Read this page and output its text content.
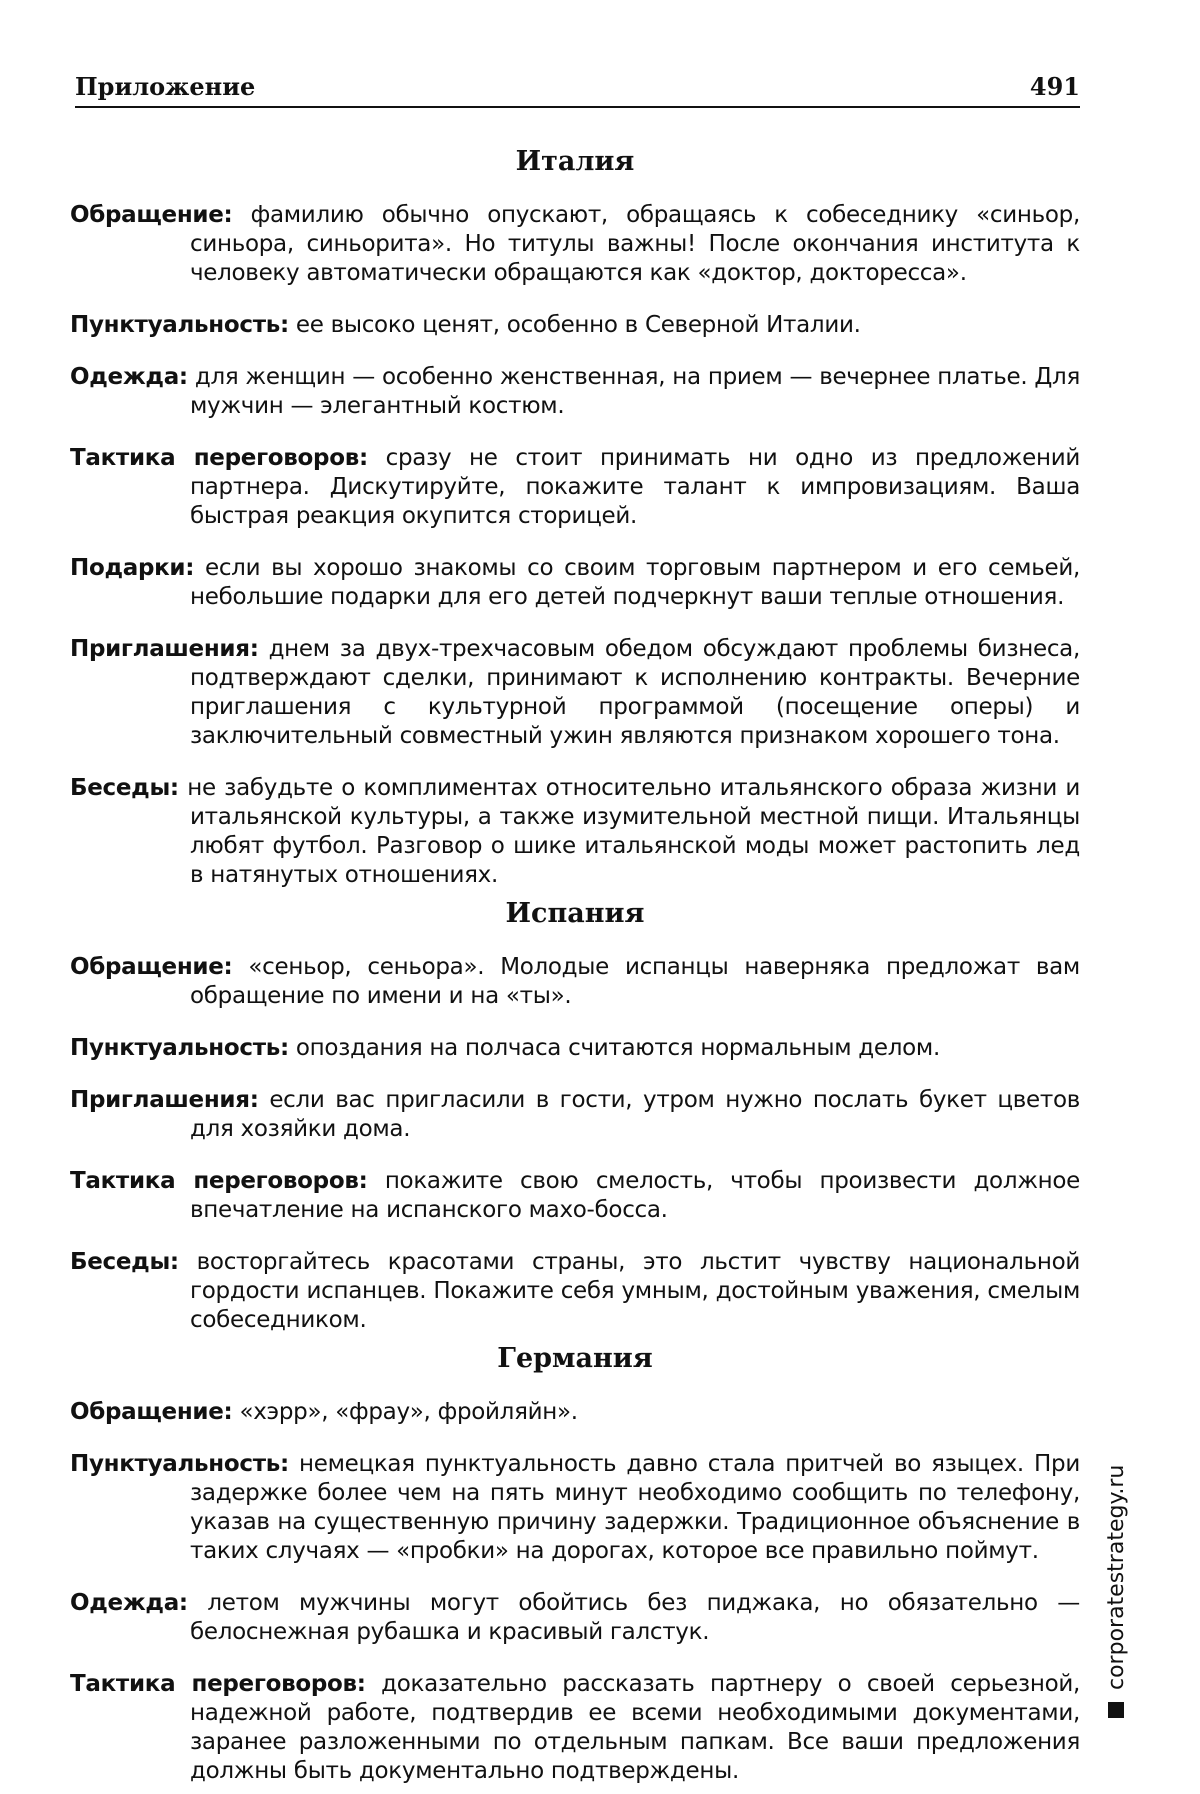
Приложение	491
Италия

Обращение: фамилию обычно опускают, обращаясь к собеседнику «синьор, синьора, синьорита». Но титулы важны! После окончания института к человеку автоматически обращаются как «доктор, докторесса».

Пунктуальность: ее высоко ценят, особенно в Северной Италии.

Одежда: для женщин — особенно женственная, на прием — вечернее платье. Для мужчин — элегантный костюм.

Тактика переговоров: сразу не стоит принимать ни одно из предложений партнера. Дискутируйте, покажите талант к импровизациям. Ваша быстрая реакция окупится сторицей.

Подарки: если вы хорошо знакомы со своим торговым партнером и его семьей, небольшие подарки для его детей подчеркнут ваши теплые отношения.

Приглашения: днем за двух-трехчасовым обедом обсуждают проблемы бизнеса, подтверждают сделки, принимают к исполнению контракты. Вечерние приглашения с культурной программой (посещение оперы) и заключительный совместный ужин являются признаком хорошего тона.

Беседы: не забудьте о комплиментах относительно итальянского образа жизни и итальянской культуры, а также изумительной местной пищи. Итальянцы любят футбол. Разговор о шике итальянской моды может растопить лед в натянутых отношениях.

Испания

Обращение: «сеньор, сеньора». Молодые испанцы наверняка предложат вам обращение по имени и на «ты».

Пунктуальность: опоздания на полчаса считаются нормальным делом.

Приглашения: если вас пригласили в гости, утром нужно послать букет цветов для хозяйки дома.

Тактика переговоров: покажите свою смелость, чтобы произвести должное впечатление на испанского махо-босса.

Беседы: восторгайтесь красотами страны, это льстит чувству национальной гордости испанцев. Покажите себя умным, достойным уважения, смелым собеседником.

Германия

Обращение: «хэрр», «фрау», фройляйн».

Пунктуальность: немецкая пунктуальность давно стала притчей во языцех. При задержке более чем на пять минут необходимо сообщить по телефону, указав на существенную причину задержки. Традиционное объяснение в таких случаях — «пробки» на дорогах, которое все правильно поймут.

Одежда: летом мужчины могут обойтись без пиджака, но обязательно — белоснежная рубашка и красивый галстук.

Тактика переговоров: доказательно рассказать партнеру о своей серьезной, надежной работе, подтвердив ее всеми необходимыми документами, заранее разложенными по отдельным папкам. Все ваши предложения должны быть документально подтверждены.

corporatestrategy.ru
